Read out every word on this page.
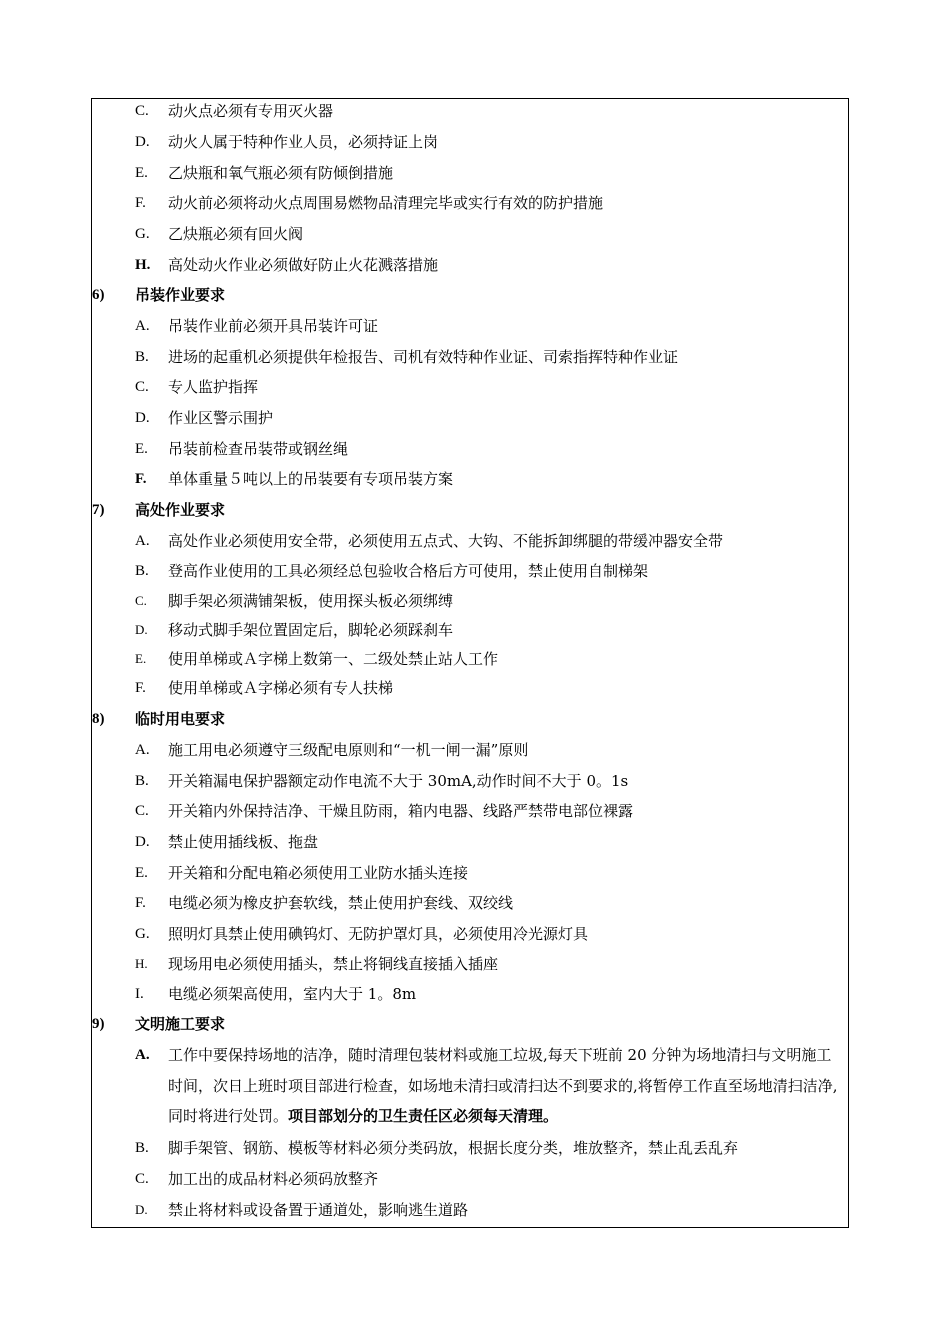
C. 动火点必须有专用灭火器
D. 动火人属于特种作业人员，必须持证上岗
E. 乙炔瓶和氧气瓶必须有防倾倒措施
F. 动火前必须将动火点周围易燃物品清理完毕或实行有效的防护措施
G. 乙炔瓶必须有回火阀
H. 高处动火作业必须做好防止火花溅落措施
6) 吊装作业要求
A. 吊装作业前必须开具吊装许可证
B. 进场的起重机必须提供年检报告、司机有效特种作业证、司索指挥特种作业证
C. 专人监护指挥
D. 作业区警示围护
E. 吊装前检查吊装带或钢丝绳
F. 单体重量５吨以上的吊装要有专项吊装方案
7) 高处作业要求
A. 高处作业必须使用安全带，必须使用五点式、大钩、不能拆卸绑腿的带缓冲器安全带
B. 登高作业使用的工具必须经总包验收合格后方可使用，禁止使用自制梯架
C. 脚手架必须满铺架板，使用探头板必须绑缚
D. 移动式脚手架位置固定后，脚轮必须踩刹车
E. 使用单梯或Ａ字梯上数第一、二级处禁止站人工作
F. 使用单梯或Ａ字梯必须有专人扶梯
8) 临时用电要求
A. 施工用电必须遵守三级配电原则和“一机一闸一漏”原则
B. 开关箱漏电保护器额定动作电流不大于 30mA,动作时间不大于 0。1s
C. 开关箱内外保持洁净、干燥且防雨，箱内电器、线路严禁带电部位裸露
D. 禁止使用插线板、拖盘
E. 开关箱和分配电箱必须使用工业防水插头连接
F. 电缆必须为橡皮护套软线，禁止使用护套线、双绞线
G. 照明灯具禁止使用碘钨灯、无防护罩灯具，必须使用冷光源灯具
H. 现场用电必须使用插头，禁止将铜线直接插入插座
I. 电缆必须架高使用，室内大于 1。8m
9) 文明施工要求
A. 工作中要保持场地的洁净，随时清理包装材料或施工垃圾,每天下班前 20 分钟为场地清扫与文明施工时间，次日上班时项目部进行检查，如场地未清扫或清扫达不到要求的,将暂停工作直至场地清扫洁净,同时将进行处罚。项目部划分的卫生责任区必须每天清理。
B. 脚手架管、钢筋、模板等材料必须分类码放，根据长度分类，堆放整齐，禁止乱丢乱弃
C. 加工出的成品材料必须码放整齐
D. 禁止将材料或设备置于通道处，影响逃生道路
